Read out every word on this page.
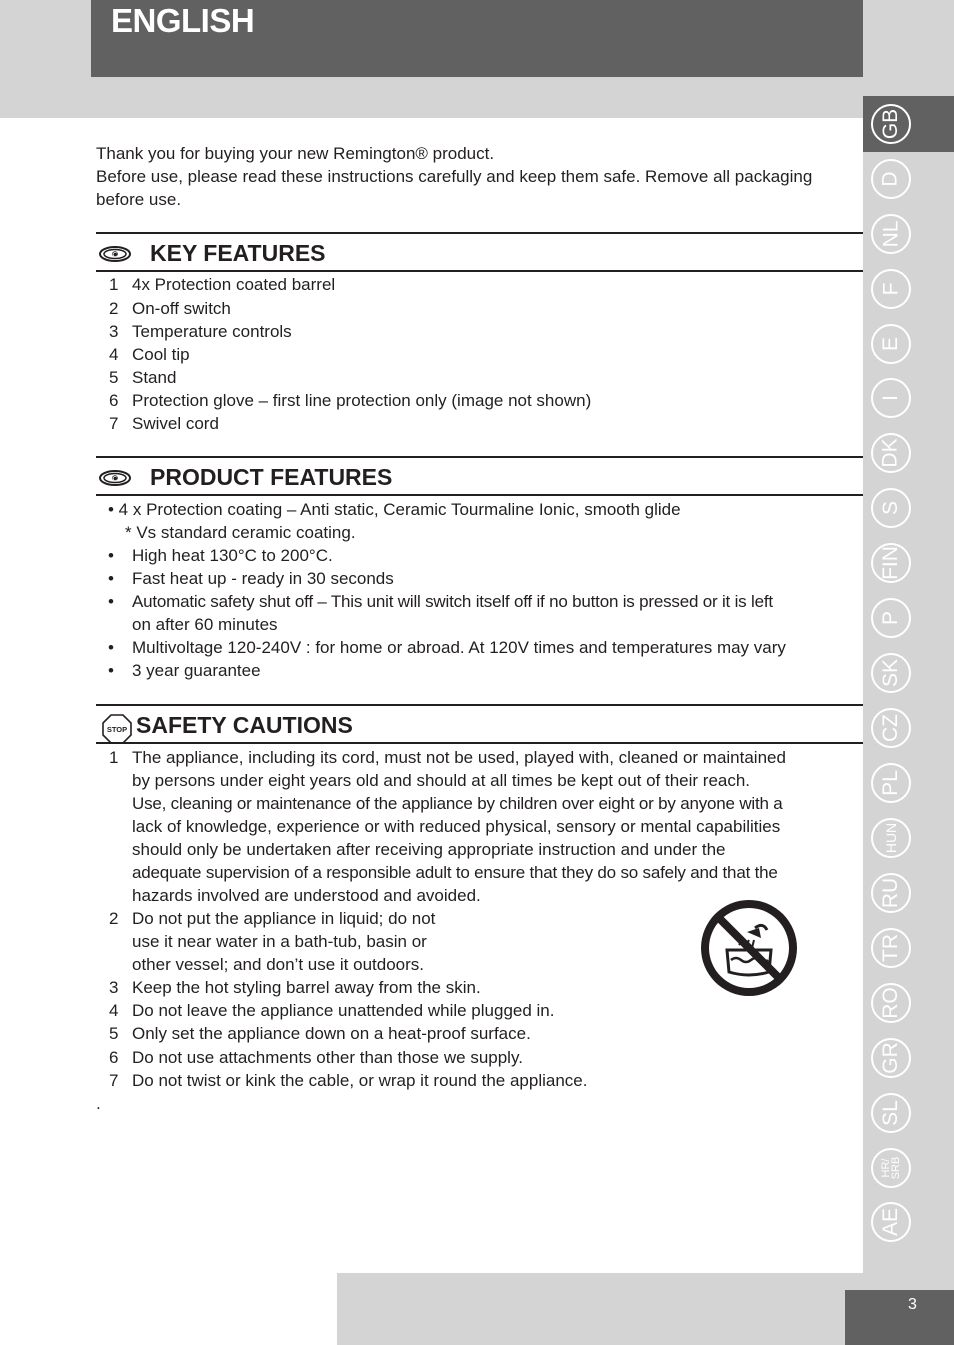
ENGLISH
GB
D
NL
F
E
I
DK
S
FIN
P
SK
CZ
PL
HUN
RU
TR
RO
GR
SL
HR/ SRB
AE

Thank you for buying your new Remington® product.

Before use, please read these instructions carefully and keep them safe. Remove all packaging

before use.

C KEY FEATURES
1 4x Protection coated barrel
2 On-off switch
3 Temperature controls
4 Cool tip
5 Stand
6 Protection glove – first line protection only (image not shown)
7 Swivel cord
C PRODUCT FEATURES
• 4 x Protection coating – Anti static, Ceramic Tourmaline Ionic, smooth glide
* Vs standard ceramic coating.
• High heat 130°C to 200°C.
• Fast heat up - ready in 30 seconds
• Automatic safety shut off – This unit will switch itself off if no button is pressed or it is left
on after 60 minutes
• Multivoltage 120-240V : for home or abroad. At 120V times and temperatures may vary
• 3 year guarantee
STOP SAFETY CAUTIONS
1 The appliance, including its cord, must not be used, played with, cleaned or maintained
by persons under eight years old and should at all times be kept out of their reach.
Use, cleaning or maintenance of the appliance by children over eight or by anyone with a
lack of knowledge, experience or with reduced physical, sensory or mental capabilities
should only be undertaken after receiving appropriate instruction and under the
adequate supervision of a responsible adult to ensure that they do so safely and that the
hazards involved are understood and avoided.
2 Do not put the appliance in liquid; do not
use it near water in a bath-tub, basin or
other vessel; and don’t use it outdoors.
3 Keep the hot styling barrel away from the skin.
4 Do not leave the appliance unattended while plugged in.
5 Only set the appliance down on a heat-proof surface.
6 Do not use attachments other than those we supply.
7 Do not twist or kink the cable, or wrap it round the appliance.
.
3
